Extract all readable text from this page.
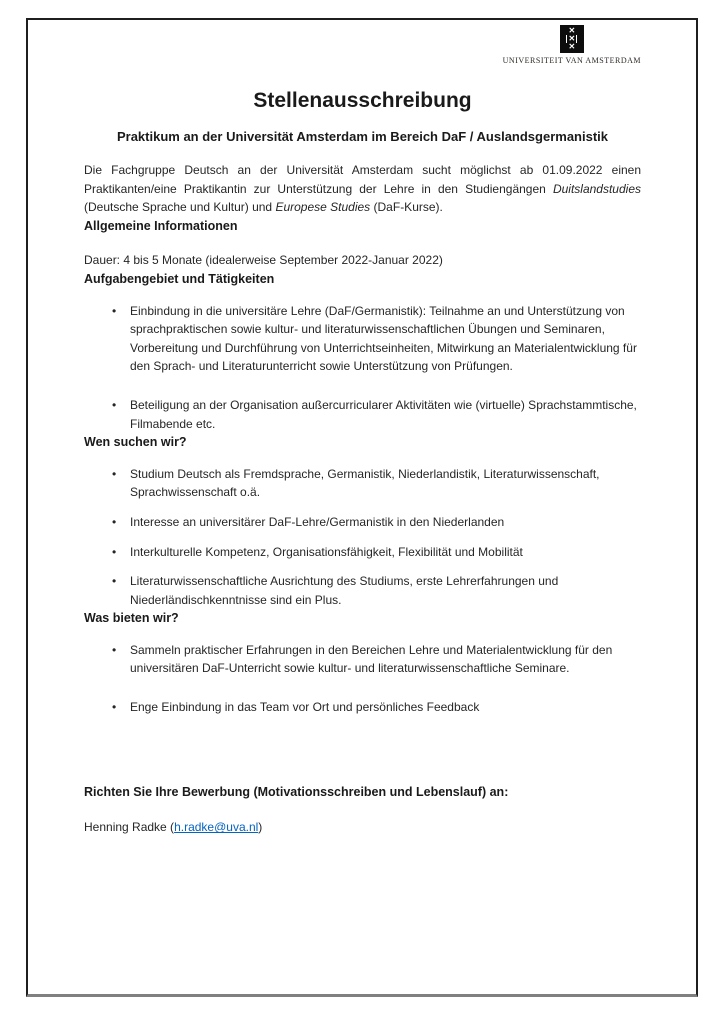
✕
✕
✕
UNIVERSITEIT VAN AMSTERDAM
Stellenausschreibung
Praktikum an der Universität Amsterdam im Bereich DaF / Auslandsgermanistik

Die Fachgruppe Deutsch an der Universität Amsterdam sucht möglichst ab 01.09.2022 einen Praktikanten/eine Praktikantin zur Unterstützung der Lehre in den Studiengängen Duitslandstudies (Deutsche Sprache und Kultur) und Europese Studies (DaF-Kurse).

Allgemeine Informationen

Dauer: 4 bis 5 Monate (idealerweise September 2022-Januar 2022)

Aufgabengebiet und Tätigkeiten

•
Einbindung in die universitäre Lehre (DaF/Germanistik): Teilnahme an und Unterstützung von sprachpraktischen sowie kultur- und literaturwissenschaftlichen Übungen und Seminaren, Vorbereitung und Durchführung von Unterrichtseinheiten, Mitwirkung an Materialentwicklung für den Sprach- und Literaturunterricht sowie Unterstützung von Prüfungen.

•
Beteiligung an der Organisation außercurricularer Aktivitäten wie (virtuelle) Sprachstammtische, Filmabende etc.

Wen suchen wir?

•
Studium Deutsch als Fremdsprache, Germanistik, Niederlandistik, Literaturwissenschaft, Sprachwissenschaft o.ä.

•
Interesse an universitärer DaF-Lehre/Germanistik in den Niederlanden

•
Interkulturelle Kompetenz, Organisationsfähigkeit, Flexibilität und Mobilität

•
Literaturwissenschaftliche Ausrichtung des Studiums, erste Lehrerfahrungen und Niederländischkenntnisse sind ein Plus.

Was bieten wir?

•
Sammeln praktischer Erfahrungen in den Bereichen Lehre und Materialentwicklung für den universitären DaF-Unterricht sowie kultur- und literaturwissenschaftliche Seminare.

•
Enge Einbindung in das Team vor Ort und persönliches Feedback

Richten Sie Ihre Bewerbung (Motivationsschreiben und Lebenslauf) an:

Henning Radke (h.radke@uva.nl)
